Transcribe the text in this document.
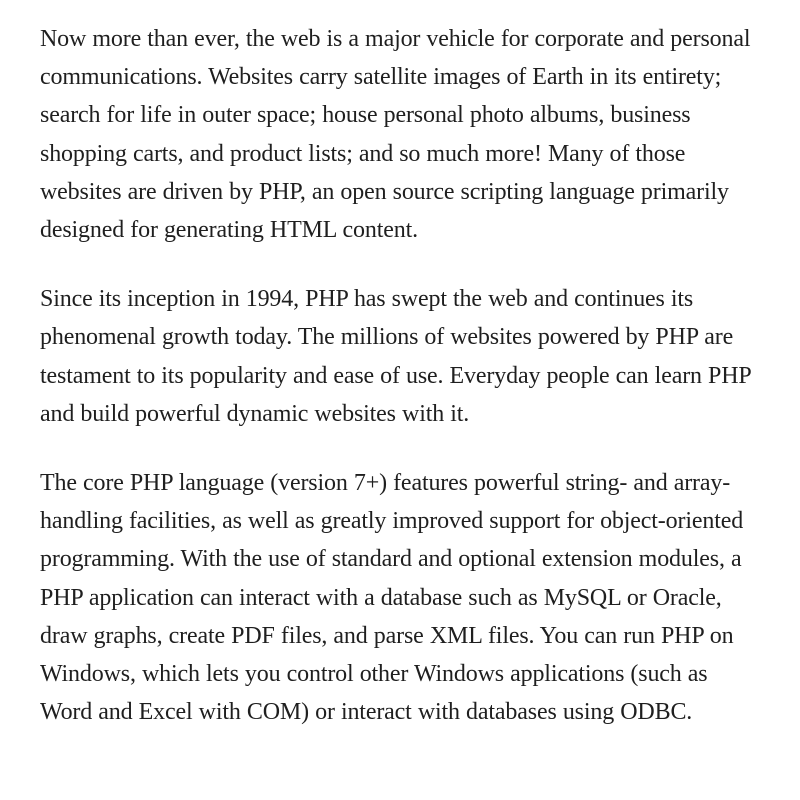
Now more than ever, the web is a major vehicle for corporate and personal communications. Websites carry satellite images of Earth in its entirety; search for life in outer space; house personal photo albums, business shopping carts, and product lists; and so much more! Many of those websites are driven by PHP, an open source scripting language primarily designed for generating HTML content.

Since its inception in 1994, PHP has swept the web and continues its phenomenal growth today. The millions of websites powered by PHP are testament to its popularity and ease of use. Everyday people can learn PHP and build powerful dynamic websites with it.

The core PHP language (version 7+) features powerful string- and array-handling facilities, as well as greatly improved support for object-oriented programming. With the use of standard and optional extension modules, a PHP application can interact with a database such as MySQL or Oracle, draw graphs, create PDF files, and parse XML files. You can run PHP on Windows, which lets you control other Windows applications (such as Word and Excel with COM) or interact with databases using ODBC.
